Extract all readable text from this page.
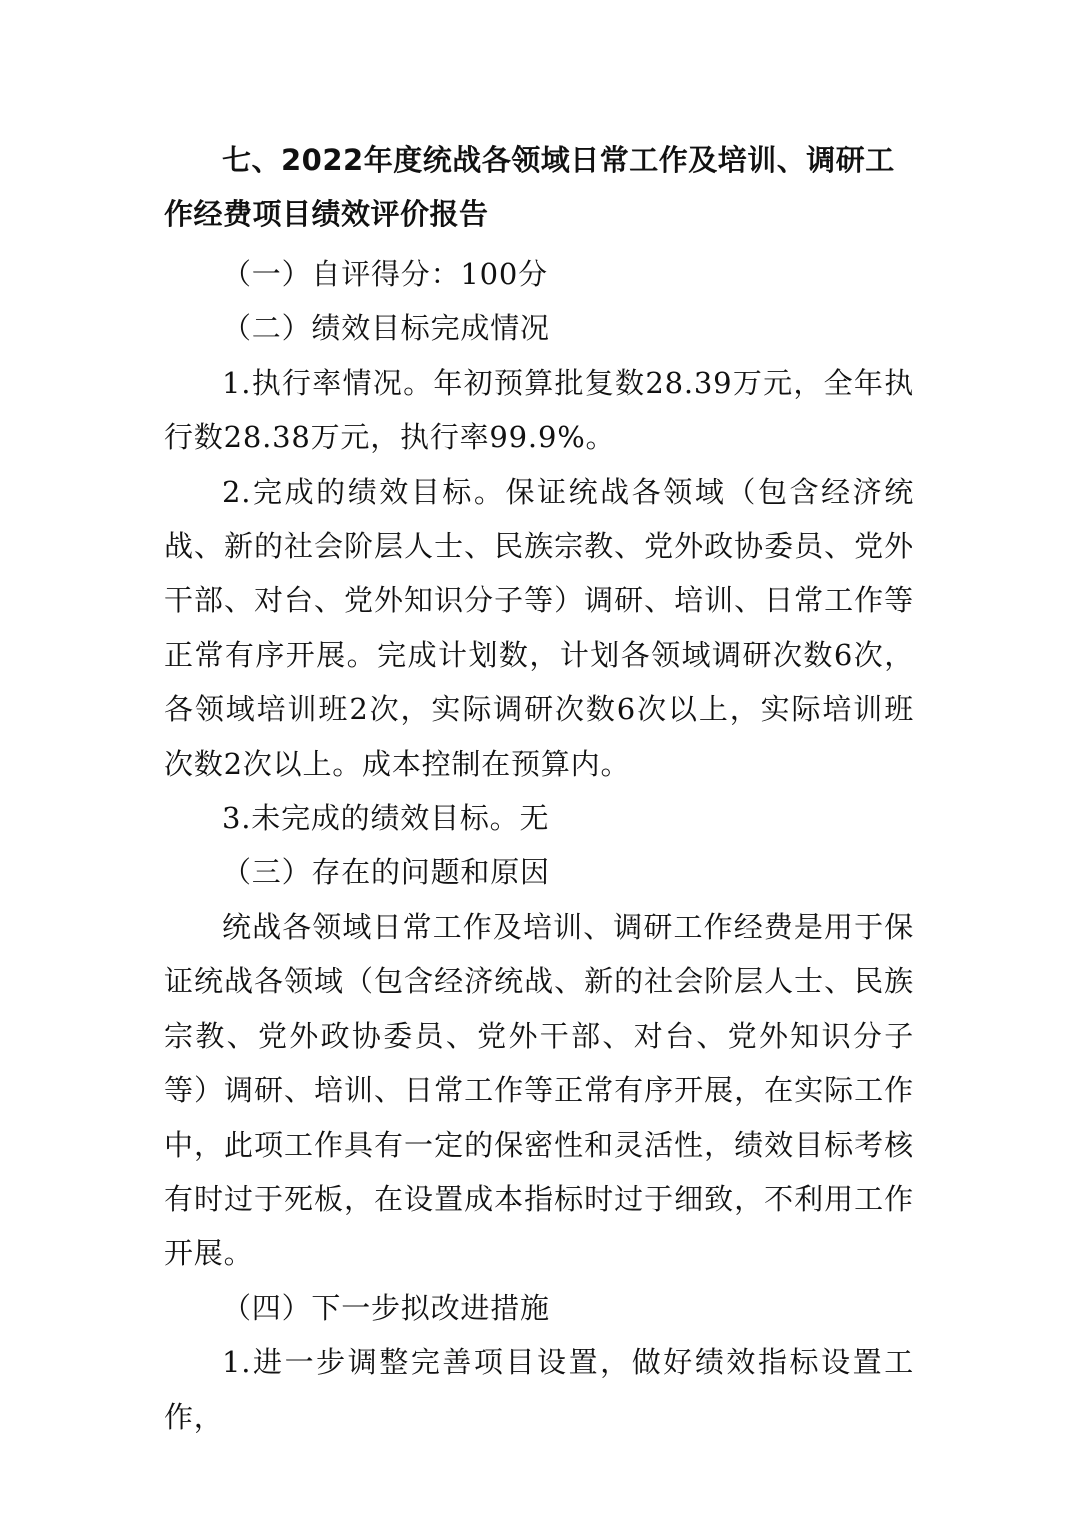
七、2022年度统战各领域日常工作及培训、调研工作经费项目绩效评价报告

（一）自评得分：100分

（二）绩效目标完成情况

1.执行率情况。年初预算批复数28.39万元，全年执行数28.38万元，执行率99.9%。

2.完成的绩效目标。保证统战各领域（包含经济统战、新的社会阶层人士、民族宗教、党外政协委员、党外干部、对台、党外知识分子等）调研、培训、日常工作等正常有序开展。完成计划数，计划各领域调研次数6次，各领域培训班2次，实际调研次数6次以上，实际培训班次数2次以上。成本控制在预算内。

3.未完成的绩效目标。无

（三）存在的问题和原因

统战各领域日常工作及培训、调研工作经费是用于保证统战各领域（包含经济统战、新的社会阶层人士、民族宗教、党外政协委员、党外干部、对台、党外知识分子等）调研、培训、日常工作等正常有序开展，在实际工作中，此项工作具有一定的保密性和灵活性，绩效目标考核有时过于死板，在设置成本指标时过于细致，不利用工作开展。

（四）下一步拟改进措施

1.进一步调整完善项目设置，做好绩效指标设置工作，
